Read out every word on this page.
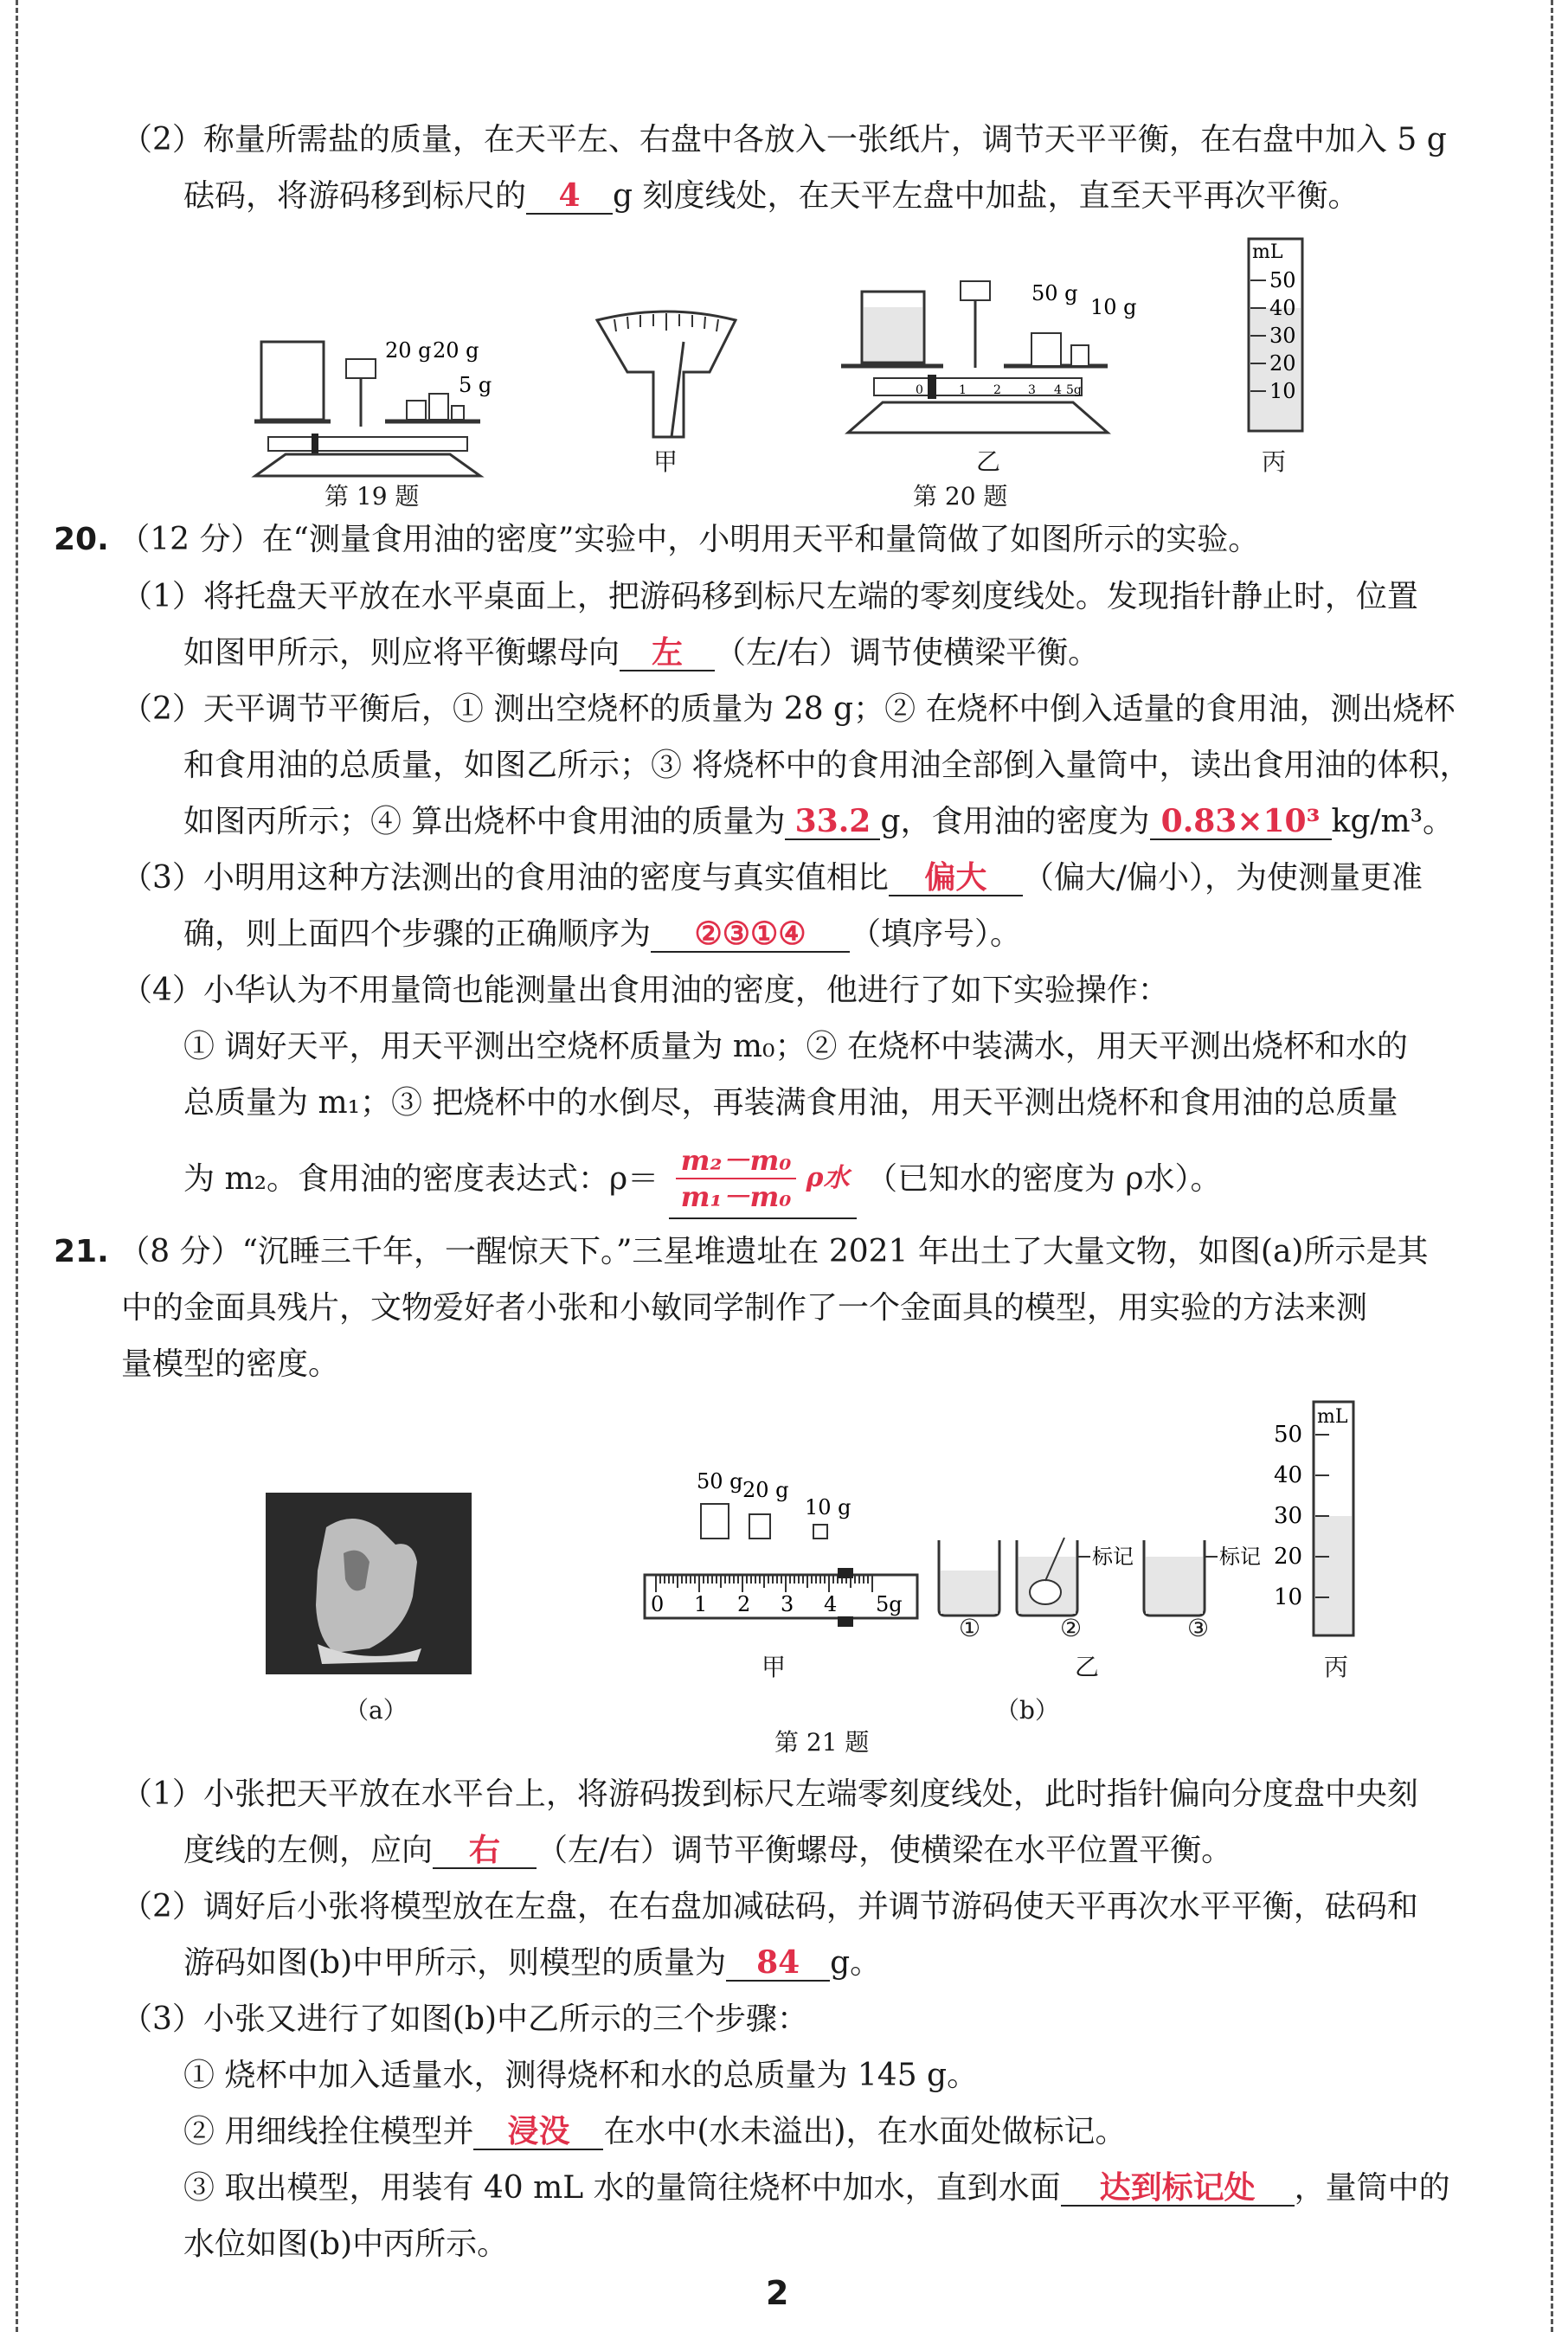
（2）称量所需盐的质量，在天平左、右盘中各放入一张纸片，调节天平平衡，在右盘中加入 5 g
砝码，将游码移到标尺的 4 g 刻度线处，在天平左盘中加盐，直至天平再次平衡。
20 g 20 g
5 g
第 19 题
甲
0	1 2 3 4 5g
50 g
10 g
乙
第 20 题
mL
50
40
30
20
10
丙
20. （12 分）在“测量食用油的密度”实验中，小明用天平和量筒做了如图所示的实验。
（1）将托盘天平放在水平桌面上，把游码移到标尺左端的零刻度线处。发现指针静止时，位置
如图甲所示，则应将平衡螺母向 左 （左/右）调节使横梁平衡。
（2）天平调节平衡后，① 测出空烧杯的质量为 28 g；② 在烧杯中倒入适量的食用油，测出烧杯
和食用油的总质量，如图乙所示；③ 将烧杯中的食用油全部倒入量筒中，读出食用油的体积，
如图丙所示；④ 算出烧杯中食用油的质量为 33.2 g，食用油的密度为 0.83×10³ kg/m³。
（3）小明用这种方法测出的食用油的密度与真实值相比 偏大 （偏大/偏小），为使测量更准
确，则上面四个步骤的正确顺序为 ②③①④ （填序号）。
（4）小华认为不用量筒也能测量出食用油的密度，他进行了如下实验操作：
① 调好天平，用天平测出空烧杯质量为 m₀；② 在烧杯中装满水，用天平测出烧杯和水的
总质量为 m₁；③ 把烧杯中的水倒尽，再装满食用油，用天平测出烧杯和食用油的总质量
为 m₂。食用油的密度表达式：$\rho= \frac{\text{m₂－m₀}}{\text{m₁－m₀}}$ ρ水 （已知水的密度为 ρ水）。
21. （8 分）“沉睡三千年，一醒惊天下。”三星堆遗址在 2021 年出土了大量文物，如图(a)所示是其
中的金面具残片，文物爱好者小张和小敏同学制作了一个金面具的模型，用实验的方法来测
量模型的密度。
（a）
50 g 20 g
10 g
0 1 2 3 4 5g
甲
标记	标记
①	②	③
乙
（b）
50
40
30
20
10
mL
丙
第 21 题
（1）小张把天平放在水平台上，将游码拨到标尺左端零刻度线处，此时指针偏向分度盘中央刻
度线的左侧，应向 右 （左/右）调节平衡螺母，使横梁在水平位置平衡。
（2）调好后小张将模型放在左盘，在右盘加减砝码，并调节游码使天平再次水平平衡，砝码和
游码如图(b)中甲所示，则模型的质量为 84 g。
（3）小张又进行了如图(b)中乙所示的三个步骤：
① 烧杯中加入适量水，测得烧杯和水的总质量为 145 g。
② 用细线拴住模型并 浸没 在水中(水未溢出)，在水面处做标记。
③ 取出模型，用装有 40 mL 水的量筒往烧杯中加水，直到水面 达到标记处 ，量筒中的
水位如图(b)中丙所示。
2
